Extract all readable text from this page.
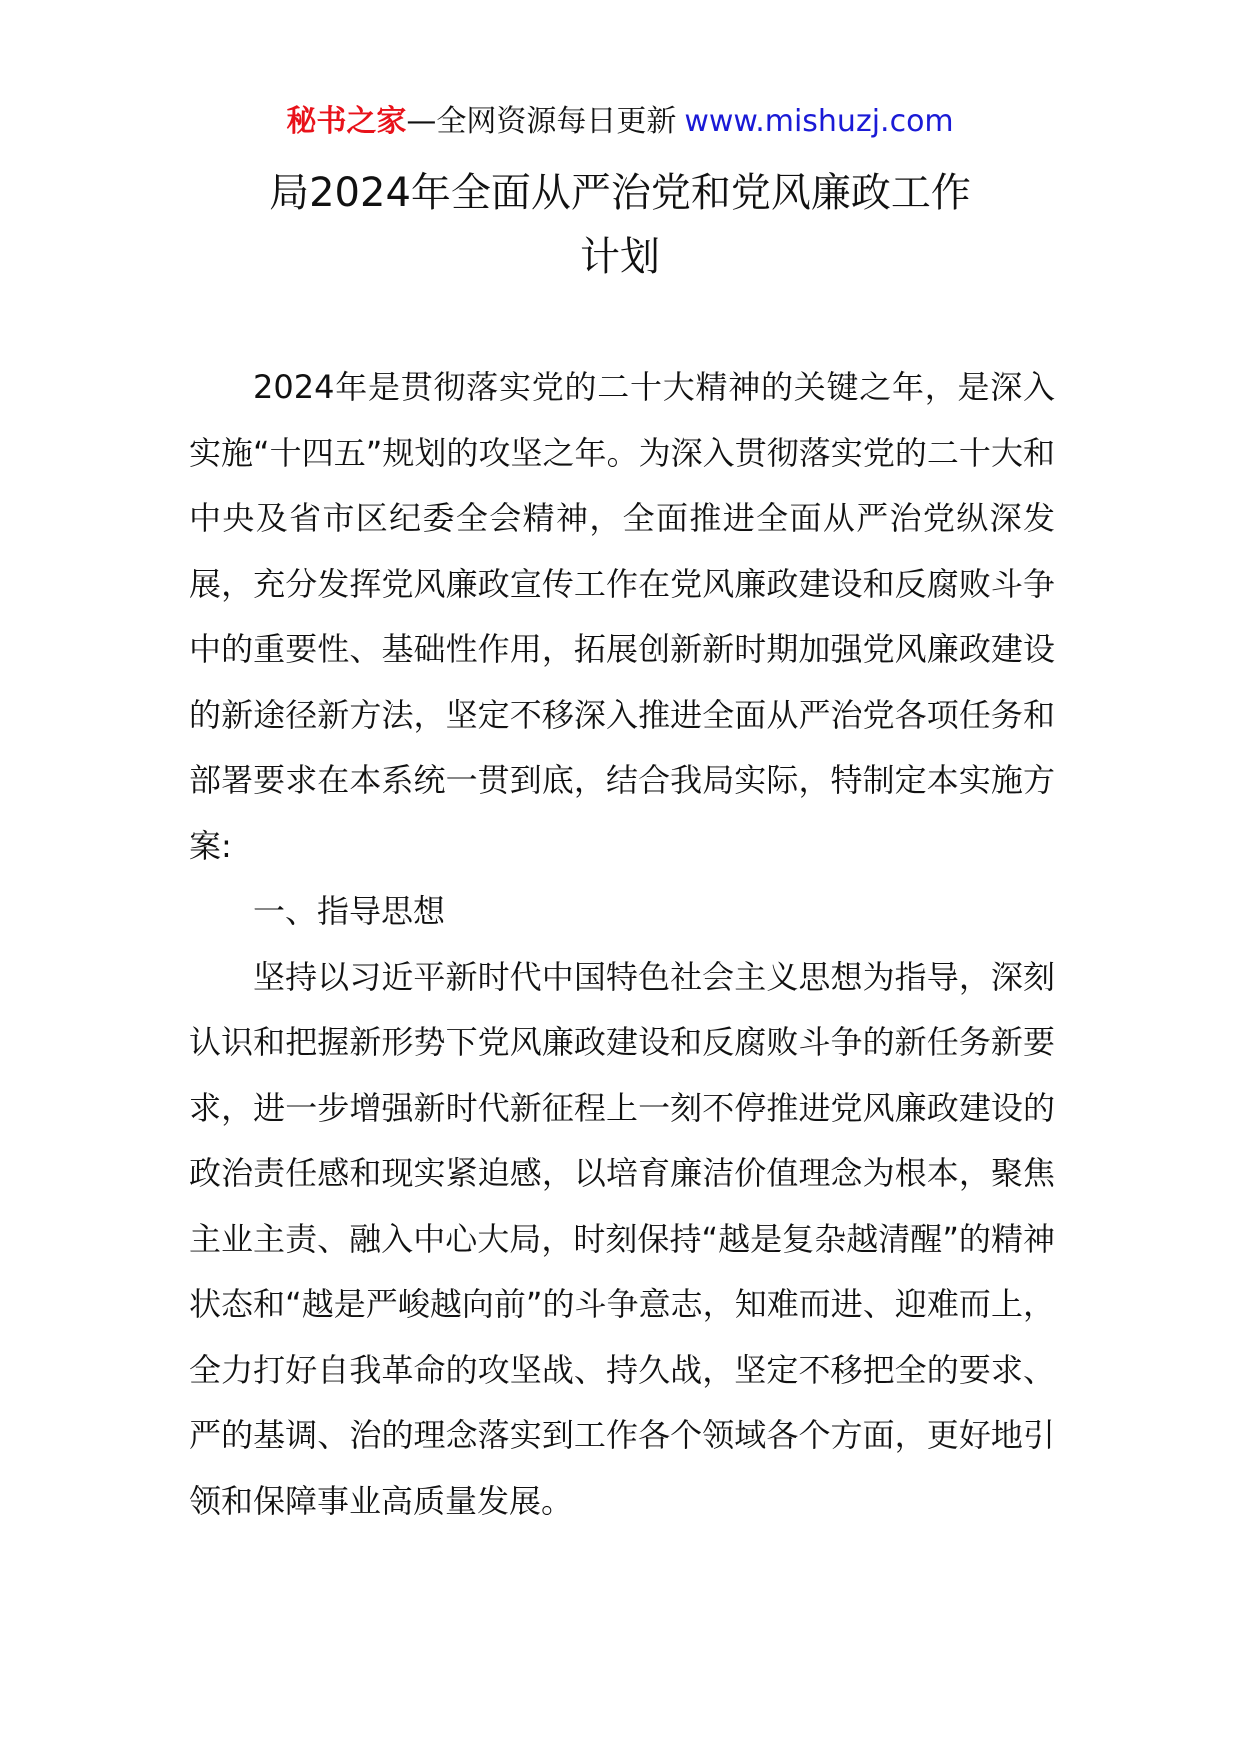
秘书之家—全网资源每日更新 www.mishuzj.com
局2024年全面从严治党和党风廉政工作
计划

2024年是贯彻落实党的二十大精神的关键之年，是深入实施“十四五”规划的攻坚之年。为深入贯彻落实党的二十大和中央及省市区纪委全会精神，全面推进全面从严治党纵深发展，充分发挥党风廉政宣传工作在党风廉政建设和反腐败斗争中的重要性、基础性作用，拓展创新新时期加强党风廉政建设的新途径新方法，坚定不移深入推进全面从严治党各项任务和部署要求在本系统一贯到底，结合我局实际，特制定本实施方案:

一、指导思想

坚持以习近平新时代中国特色社会主义思想为指导，深刻认识和把握新形势下党风廉政建设和反腐败斗争的新任务新要求，进一步增强新时代新征程上一刻不停推进党风廉政建设的政治责任感和现实紧迫感，以培育廉洁价值理念为根本，聚焦主业主责、融入中心大局，时刻保持“越是复杂越清醒”的精神状态和“越是严峻越向前”的斗争意志，知难而进、迎难而上，全力打好自我革命的攻坚战、持久战，坚定不移把全的要求、严的基调、治的理念落实到工作各个领域各个方面，更好地引领和保障事业高质量发展。
